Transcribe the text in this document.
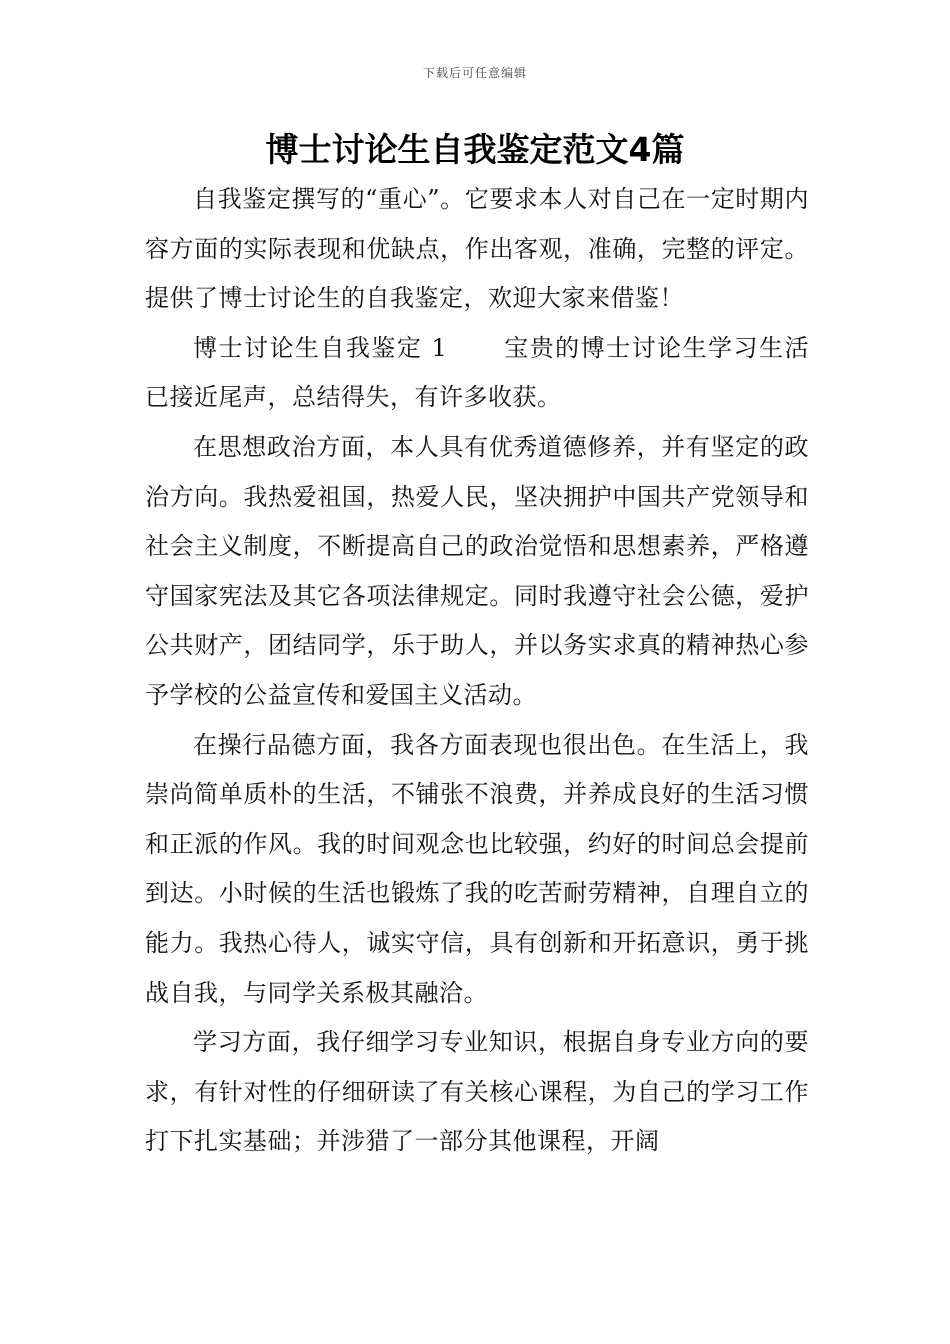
下载后可任意编辑
博士讨论生自我鉴定范文4篇

自我鉴定撰写的“重心”。它要求本人对自己在一定时期内容方面的实际表现和优缺点，作出客观，准确，完整的评定。提供了博士讨论生的自我鉴定，欢迎大家来借鉴！

博士讨论生自我鉴定 1 宝贵的博士讨论生学习生活已接近尾声，总结得失，有许多收获。

在思想政治方面，本人具有优秀道德修养，并有坚定的政治方向。我热爱祖国，热爱人民，坚决拥护中国共产党领导和社会主义制度，不断提高自己的政治觉悟和思想素养，严格遵守国家宪法及其它各项法律规定。同时我遵守社会公德，爱护公共财产，团结同学，乐于助人，并以务实求真的精神热心参予学校的公益宣传和爱国主义活动。

在操行品德方面，我各方面表现也很出色。在生活上，我崇尚简单质朴的生活，不铺张不浪费，并养成良好的生活习惯和正派的作风。我的时间观念也比较强，约好的时间总会提前到达。小时候的生活也锻炼了我的吃苦耐劳精神，自理自立的能力。我热心待人，诚实守信，具有创新和开拓意识，勇于挑战自我，与同学关系极其融洽。

学习方面，我仔细学习专业知识，根据自身专业方向的要求，有针对性的仔细研读了有关核心课程，为自己的学习工作打下扎实基础；并涉猎了一部分其他课程，开阔
